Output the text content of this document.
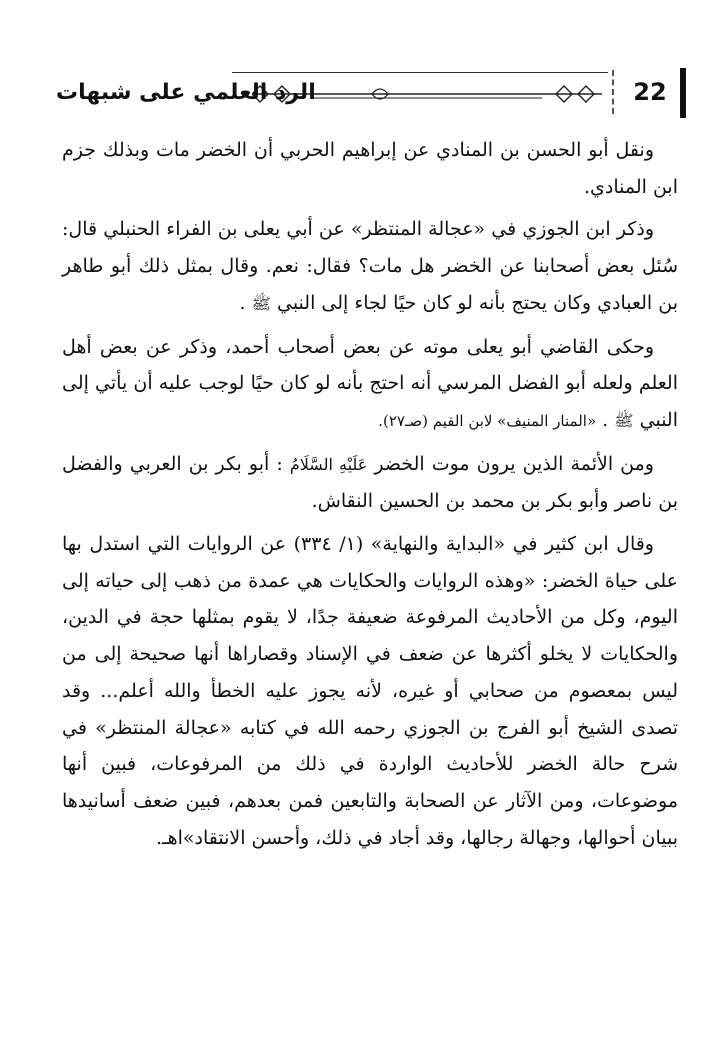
الرد العلمي على شبهات	22

ونقل أبو الحسن بن المنادي عن إبراهيم الحربي أن الخضر مات وبذلك جزم ابن المنادي.

وذكر ابن الجوزي في «عجالة المنتظر» عن أبي يعلى بن الفراء الحنبلي قال: سُئل بعض أصحابنا عن الخضر هل مات؟ فقال: نعم. وقال بمثل ذلك أبو طاهر بن العبادي وكان يحتج بأنه لو كان حيًا لجاء إلى النبي ﷺ .

وحكى القاضي أبو يعلى موته عن بعض أصحاب أحمد، وذكر عن بعض أهل العلم ولعله أبو الفضل المرسي أنه احتج بأنه لو كان حيًا لوجب عليه أن يأتي إلى النبي ﷺ . «المنار المنيف» لابن القيم (صـ٢٧).

ومن الأئمة الذين يرون موت الخضر عَلَيْهِ السَّلَامُ : أبو بكر بن العربي والفضل بن ناصر وأبو بكر بن محمد بن الحسين النقاش.

وقال ابن كثير في «البداية والنهاية» (١/ ٣٣٤) عن الروايات التي استدل بها على حياة الخضر: «وهذه الروايات والحكايات هي عمدة من ذهب إلى حياته إلى اليوم، وكل من الأحاديث المرفوعة ضعيفة جدًا، لا يقوم بمثلها حجة في الدين، والحكايات لا يخلو أكثرها عن ضعف في الإسناد وقصاراها أنها صحيحة إلى من ليس بمعصوم من صحابي أو غيره، لأنه يجوز عليه الخطأ والله أعلم... وقد تصدى الشيخ أبو الفرج بن الجوزي رحمه الله في كتابه «عجالة المنتظر» في شرح حالة الخضر للأحاديث الواردة في ذلك من المرفوعات، فبين أنها موضوعات، ومن الآثار عن الصحابة والتابعين فمن بعدهم، فبين ضعف أسانيدها ببيان أحوالها، وجهالة رجالها، وقد أجاد في ذلك، وأحسن الانتقاد»اهـ.
